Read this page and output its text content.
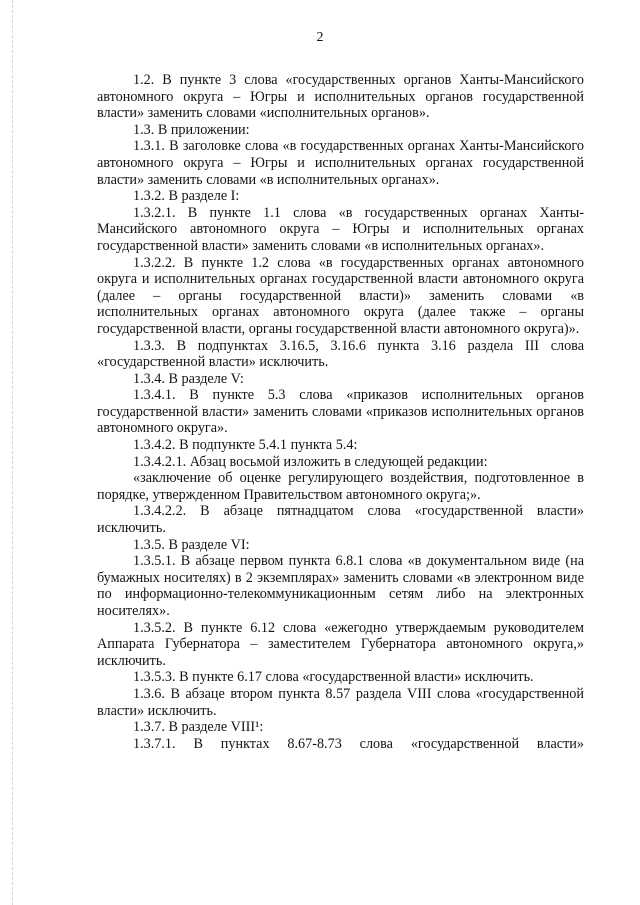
2

1.2. В пункте 3 слова «государственных органов Ханты-Мансийского автономного округа – Югры и исполнительных органов государственной власти» заменить словами «исполнительных органов».

1.3. В приложении:

1.3.1. В заголовке слова «в государственных органах Ханты-Мансийского автономного округа – Югры и исполнительных органах государственной власти» заменить словами «в исполнительных органах».

1.3.2. В разделе I:

1.3.2.1. В пункте 1.1 слова «в государственных органах Ханты-Мансийского автономного округа – Югры и исполнительных органах государственной власти» заменить словами «в исполнительных органах».

1.3.2.2. В пункте 1.2 слова «в государственных органах автономного округа и исполнительных органах государственной власти автономного округа (далее – органы государственной власти)» заменить словами «в исполнительных органах автономного округа (далее также – органы государственной власти, органы государственной власти автономного округа)».

1.3.3. В подпунктах 3.16.5, 3.16.6 пункта 3.16 раздела III слова «государственной власти» исключить.

1.3.4. В разделе V:

1.3.4.1. В пункте 5.3 слова «приказов исполнительных органов государственной власти» заменить словами «приказов исполнительных органов автономного округа».

1.3.4.2. В подпункте 5.4.1 пункта 5.4:

1.3.4.2.1. Абзац восьмой изложить в следующей редакции:

«заключение об оценке регулирующего воздействия, подготовленное в порядке, утвержденном Правительством автономного округа;».

1.3.4.2.2. В абзаце пятнадцатом слова «государственной власти» исключить.

1.3.5. В разделе VI:

1.3.5.1. В абзаце первом пункта 6.8.1 слова «в документальном виде (на бумажных носителях) в 2 экземплярах» заменить словами «в электронном виде по информационно-телекоммуникационным сетям либо на электронных носителях».

1.3.5.2. В пункте 6.12 слова «ежегодно утверждаемым руководителем Аппарата Губернатора – заместителем Губернатора автономного округа,» исключить.

1.3.5.3. В пункте 6.17 слова «государственной власти» исключить.

1.3.6. В абзаце втором пункта 8.57 раздела VIII слова «государственной власти» исключить.

1.3.7. В разделе VIII¹:

1.3.7.1. В пунктах 8.67-8.73 слова «государственной власти»
